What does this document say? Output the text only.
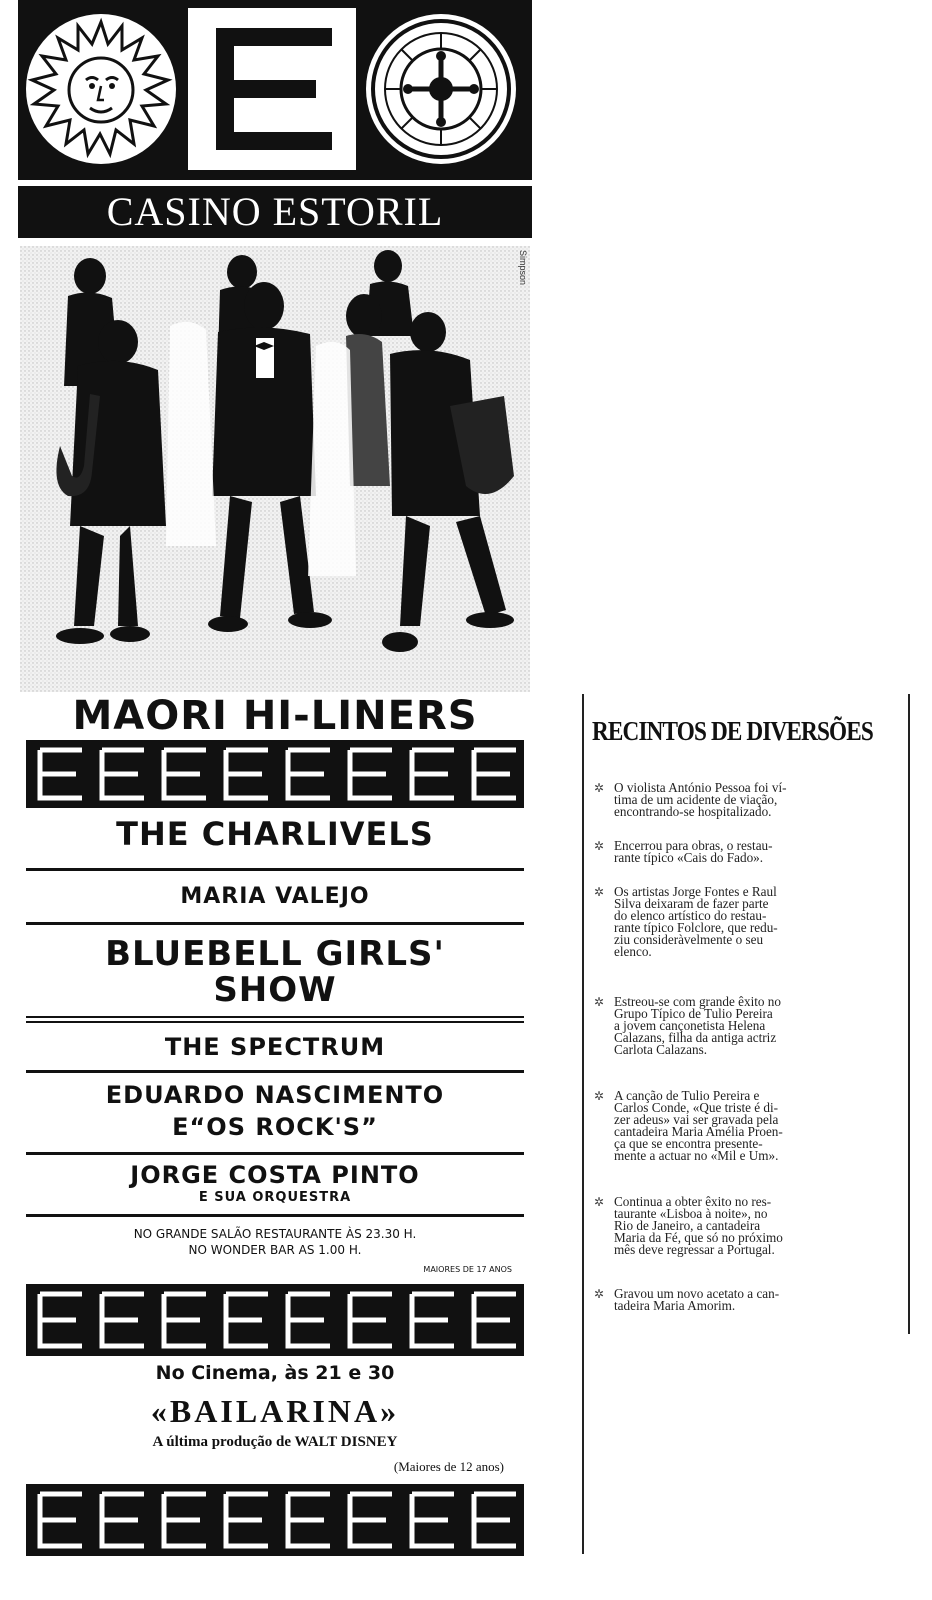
CASINO ESTORIL
Simpson
MAORI HI-LINERS
THE CHARLIVELS
MARIA VALEJO
BLUEBELL GIRLS'
SHOW
THE SPECTRUM
EDUARDO NASCIMENTO
E“OS ROCK'S”
JORGE COSTA PINTO
E SUA ORQUESTRA
NO GRANDE SALÃO RESTAURANTE ÀS 23.30 H.
NO WONDER BAR AS 1.00 H.
MAIORES DE 17 ANOS
No Cinema, às 21 e 30
«BAILARINA»
A última produção de WALT DISNEY
(Maiores de 12 anos)
RECINTOS DE DIVERSÕES
✲ O violista António Pessoa foi ví-
tima de um acidente de viação,
encontrando-se hospitalizado.
✲ Encerrou para obras, o restau-
rante típico «Cais do Fado».
✲ Os artistas Jorge Fontes e Raul
Silva deixaram de fazer parte
do elenco artístico do restau-
rante típico Folclore, que redu-
ziu consideràvelmente o seu
elenco.
✲ Estreou-se com grande êxito no
Grupo Típico de Tulio Pereira
a jovem cançonetista Helena
Calazans, filha da antiga actriz
Carlota Calazans.
✲ A canção de Tulio Pereira e
Carlos Conde, «Que triste é di-
zer adeus» vai ser gravada pela
cantadeira Maria Amélia Proen-
ça que se encontra presente-
mente a actuar no «Mil e Um».
✲ Continua a obter êxito no res-
taurante «Lisboa à noite», no
Rio de Janeiro, a cantadeira
Maria da Fé, que só no próximo
mês deve regressar a Portugal.
✲ Gravou um novo acetato a can-
tadeira Maria Amorim.
